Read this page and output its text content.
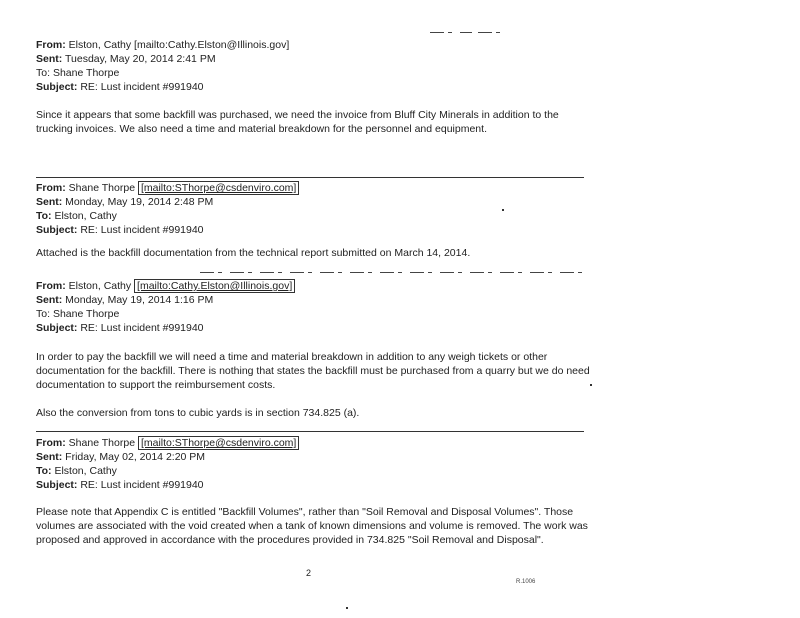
From: Elston, Cathy [mailto:Cathy.Elston@Illinois.gov]
Sent: Tuesday, May 20, 2014 2:41 PM
To: Shane Thorpe
Subject: RE: Lust incident #991940
Since it appears that some backfill was purchased, we need the invoice from Bluff City Minerals in addition to the
trucking invoices. We also need a time and material breakdown for the personnel and equipment.
From: Shane Thorpe [mailto:SThorpe@csdenviro.com]
Sent: Monday, May 19, 2014 2:48 PM
To: Elston, Cathy
Subject: RE: Lust incident #991940
Attached is the backfill documentation from the technical report submitted on March 14, 2014.
From: Elston, Cathy [mailto:Cathy.Elston@Illinois.gov]
Sent: Monday, May 19, 2014 1:16 PM
To: Shane Thorpe
Subject: RE: Lust incident #991940
In order to pay the backfill we will need a time and material breakdown in addition to any weigh tickets or other
documentation for the backfill. There is nothing that states the backfill must be purchased from a quarry but we do need
documentation to support the reimbursement costs.
Also the conversion from tons to cubic yards is in section 734.825 (a).
From: Shane Thorpe [mailto:SThorpe@csdenviro.com]
Sent: Friday, May 02, 2014 2:20 PM
To: Elston, Cathy
Subject: RE: Lust incident #991940
Please note that Appendix C is entitled "Backfill Volumes", rather than "Soil Removal and Disposal Volumes". Those
volumes are associated with the void created when a tank of known dimensions and volume is removed. The work was
proposed and approved in accordance with the procedures provided in 734.825 "Soil Removal and Disposal".
2
R.1006
